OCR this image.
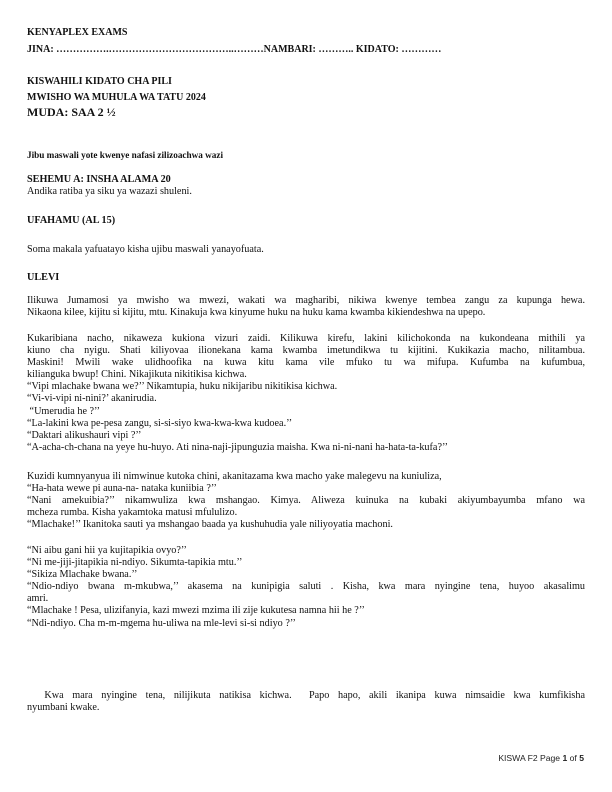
KENYAPLEX EXAMS
JINA: …………….………………………………..………NAMBARI: ……….. KIDATO: …………
KISWAHILI KIDATO CHA PILI
MWISHO WA MUHULA WA TATU 2024
MUDA: SAA 2 ½
Jibu maswali yote kwenye nafasi zilizoachwa wazi
SEHEMU A: INSHA ALAMA 20
Andika ratiba ya siku ya wazazi shuleni.
UFAHAMU (AL 15)
Soma makala yafuatayo kisha ujibu maswali yanayofuata.
ULEVI

Ilikuwa Jumamosi ya mwisho wa mwezi, wakati wa magharibi, nikiwa kwenye tembea zangu za kupunga hewa.

Nikaona kilee, kijitu si kijitu, mtu. Kinakuja kwa kinyume huku na huku kama kwamba kikiendeshwa na upepo.

Kukaribiana nacho, nikaweza kukiona vizuri zaidi. Kilikuwa kirefu, lakini kilichokonda na kukondeana mithili ya

kiuno cha nyigu. Shati kiliyovaa ilionekana kama kwamba imetundikwa tu kijitini. Kukikazia macho, nilitambua.

Maskini! Mwili wake ulidhoofika na kuwa kitu kama vile mfuko tu wa mifupa. Kufumba na kufumbua,

kilianguka bwup! Chini. Nikajikuta nikitikisa kichwa.

“Vipi mlachake bwana we?’’ Nikamtupia, huku nikijaribu nikitikisa kichwa.

“Vi-vi-vipi ni-nini?’ akanirudia.

“Umerudia he ?’’

“La-lakini kwa pe-pesa zangu, si-si-siyo kwa-kwa-kwa kudoea.’’

“Daktari alikushauri vipi ?’’

“A-acha-ch-chana na yeye hu-huyo. Ati nina-naji-jipunguzia maisha. Kwa ni-ni-nani ha-hata-ta-kufa?’’

Kuzidi kumnyanyua ili nimwinue kutoka chini, akanitazama kwa macho yake malegevu na kuniuliza,

“Ha-hata wewe pi auna-na- nataka kuniibia ?’’

“Nani amekuibia?’’ nikamwuliza kwa mshangao. Kimya. Aliweza kuinuka na kubaki akiyumbayumba mfano wa

mcheza rumba. Kisha yakamtoka matusi mfululizo.

“Mlachake!’’ Ikanitoka sauti ya mshangao baada ya kushuhudia yale niliyoyatia machoni.

“Ni aibu gani hii ya kujitapikia ovyo?’’

“Ni me-jiji-jitapikia ni-ndiyo. Sikumta-tapikia mtu.’’

“Sikiza Mlachake bwana.’’

“Ndio-ndiyo bwana m-mkubwa,’’ akasema na kunipigia saluti . Kisha, kwa mara nyingine tena, huyoo akasalimu

amri.

“Mlachake ! Pesa, ulizifanyia, kazi mwezi mzima ili zije kukutesa namna hii he ?’’

“Ndi-ndiyo. Cha m-m-mgema hu-uliwa na mle-levi si-si ndiyo ?’’

Kwa mara nyingine tena, nilijikuta natikisa kichwa.  Papo hapo, akili ikanipa kuwa nimsaidie kwa kumfikisha

nyumbani kwake.

KISWA F2 Page 1 of 5
